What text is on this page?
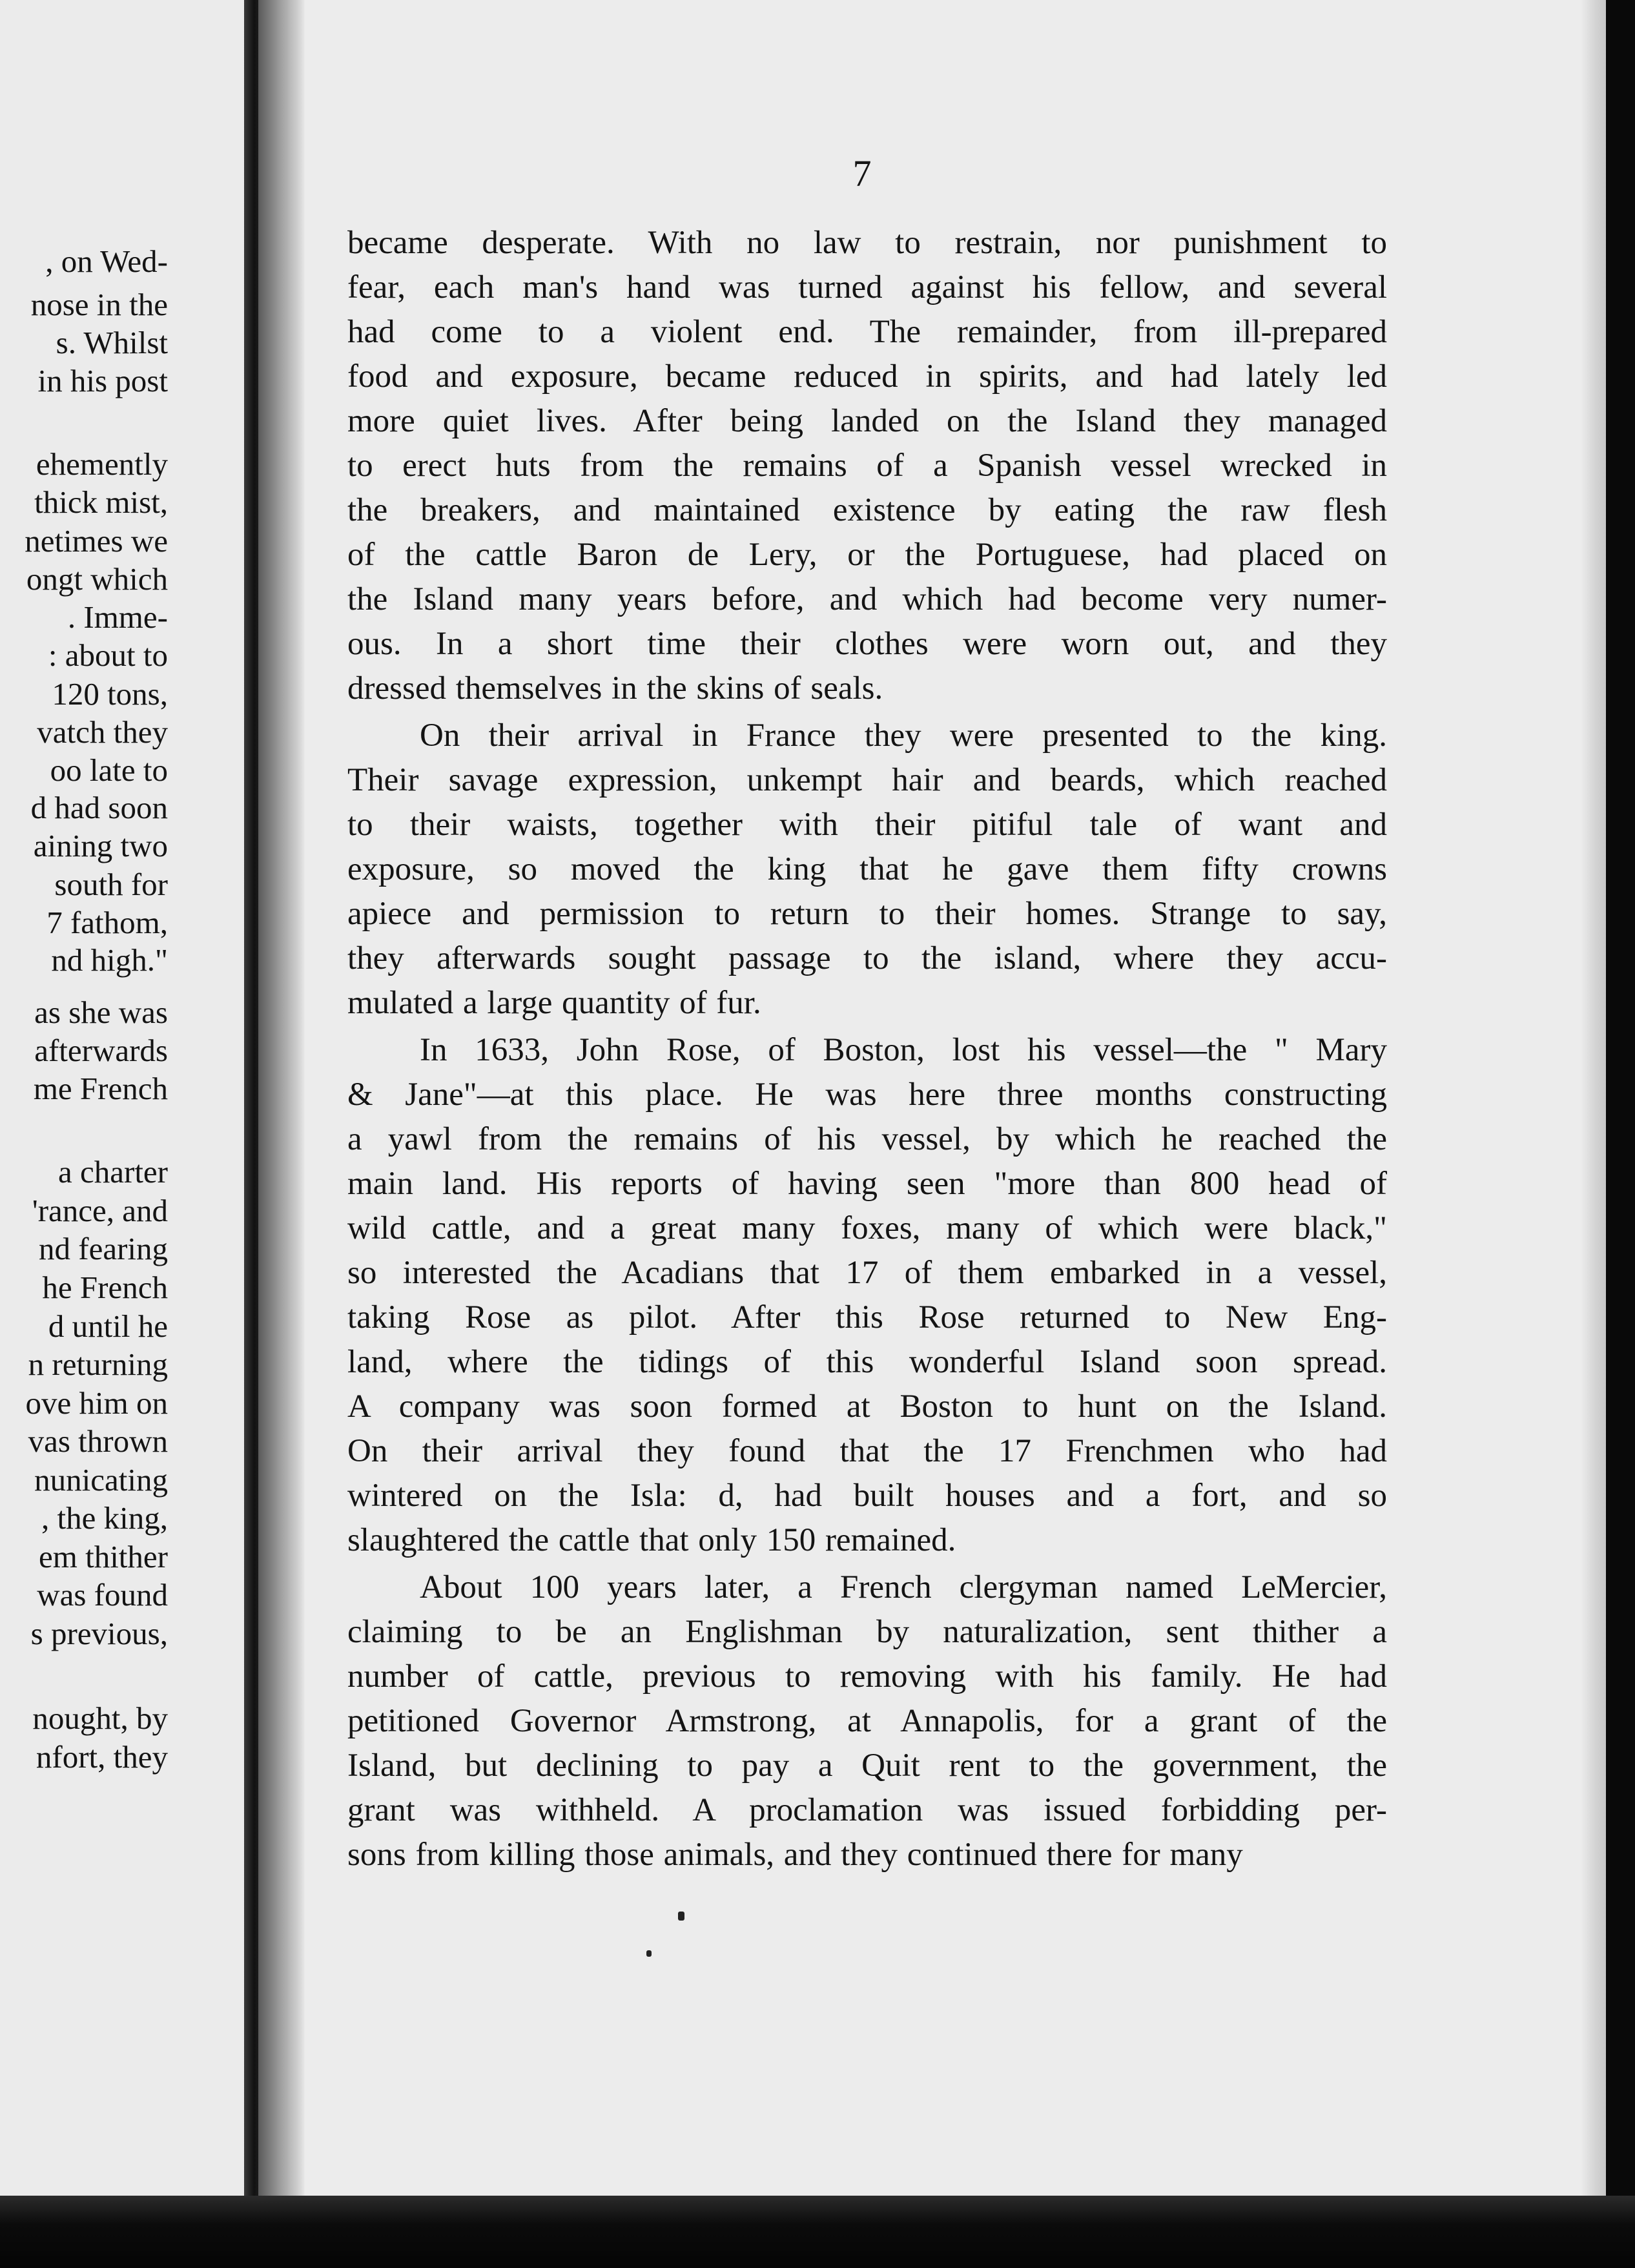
, on Wed-

nose in the

s. Whilst

in his post

ehemently

thick mist,

netimes we

ongt which

. Imme-

: about to

120 tons,

vatch they

oo late to

d had soon

aining two

south for

7 fathom,

nd high."

as she was

afterwards

me French

a charter

'rance, and

nd fearing

he French

d until he

n returning

ove him on

vas thrown

nunicating

, the king,

em thither

was found

s previous,

nought, by

nfort, they

7

became desperate. With no law to restrain, nor punishment to
fear, each man's hand was turned against his fellow, and several
had come to a violent end. The remainder, from ill-prepared
food and exposure, became reduced in spirits, and had lately led
more quiet lives. After being landed on the Island they managed
to erect huts from the remains of a Spanish vessel wrecked in
the breakers, and maintained existence by eating the raw flesh
of the cattle Baron de Lery, or the Portuguese, had placed on
the Island many years before, and which had become very numer-
ous. In a short time their clothes were worn out, and they
dressed themselves in the skins of seals.
On their arrival in France they were presented to the king.
Their savage expression, unkempt hair and beards, which reached
to their waists, together with their pitiful tale of want and
exposure, so moved the king that he gave them fifty crowns
apiece and permission to return to their homes. Strange to say,
they afterwards sought passage to the island, where they accu-
mulated a large quantity of fur.
In 1633, John Rose, of Boston, lost his vessel—the " Mary
& Jane"—at this place. He was here three months constructing
a yawl from the remains of his vessel, by which he reached the
main land. His reports of having seen "more than 800 head of
wild cattle, and a great many foxes, many of which were black,"
so interested the Acadians that 17 of them embarked in a vessel,
taking Rose as pilot. After this Rose returned to New Eng-
land, where the tidings of this wonderful Island soon spread.
A company was soon formed at Boston to hunt on the Island.
On their arrival they found that the 17 Frenchmen who had
wintered on the Isla: d, had built houses and a fort, and so
slaughtered the cattle that only 150 remained.
About 100 years later, a French clergyman named LeMercier,
claiming to be an Englishman by naturalization, sent thither a
number of cattle, previous to removing with his family. He had
petitioned Governor Armstrong, at Annapolis, for a grant of the
Island, but declining to pay a Quit rent to the government, the
grant was withheld. A proclamation was issued forbidding per-
sons from killing those animals, and they continued there for many
